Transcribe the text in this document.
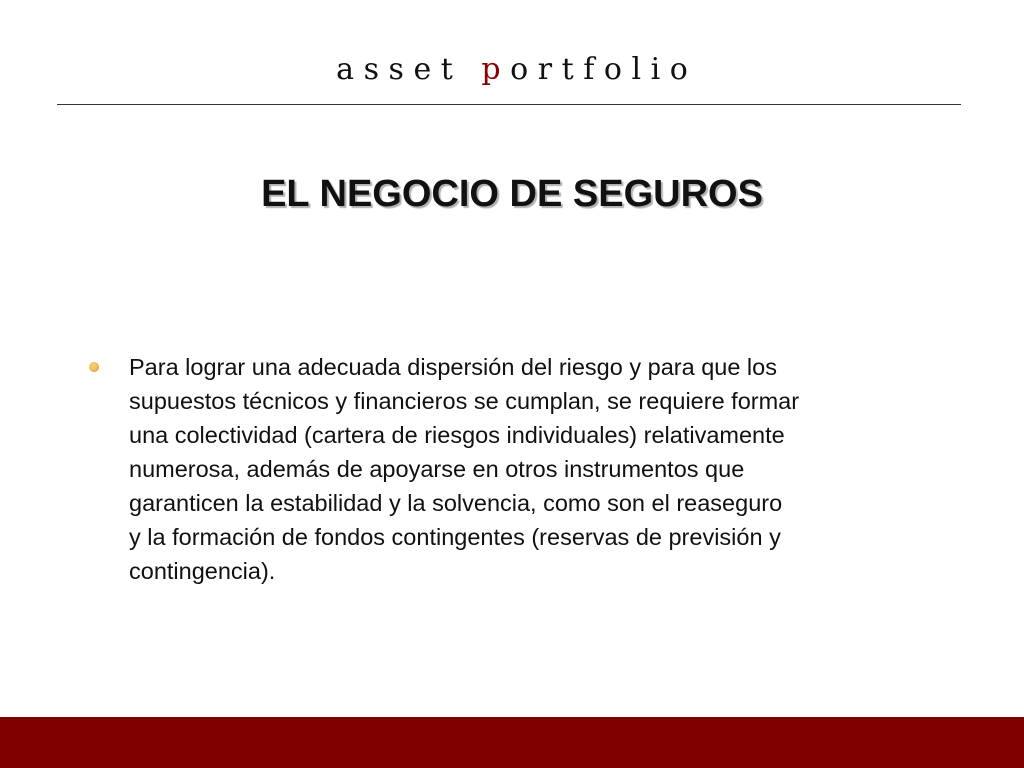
a s s e t   p o r t f o l i o
EL NEGOCIO DE SEGUROS
Para lograr una adecuada dispersión del riesgo y para que los
supuestos técnicos y financieros se cumplan, se requiere formar
una colectividad (cartera de riesgos individuales) relativamente
numerosa, además de apoyarse en otros instrumentos que
garanticen la estabilidad y la solvencia, como son el reaseguro
y la formación de fondos contingentes (reservas de previsión y
contingencia).
